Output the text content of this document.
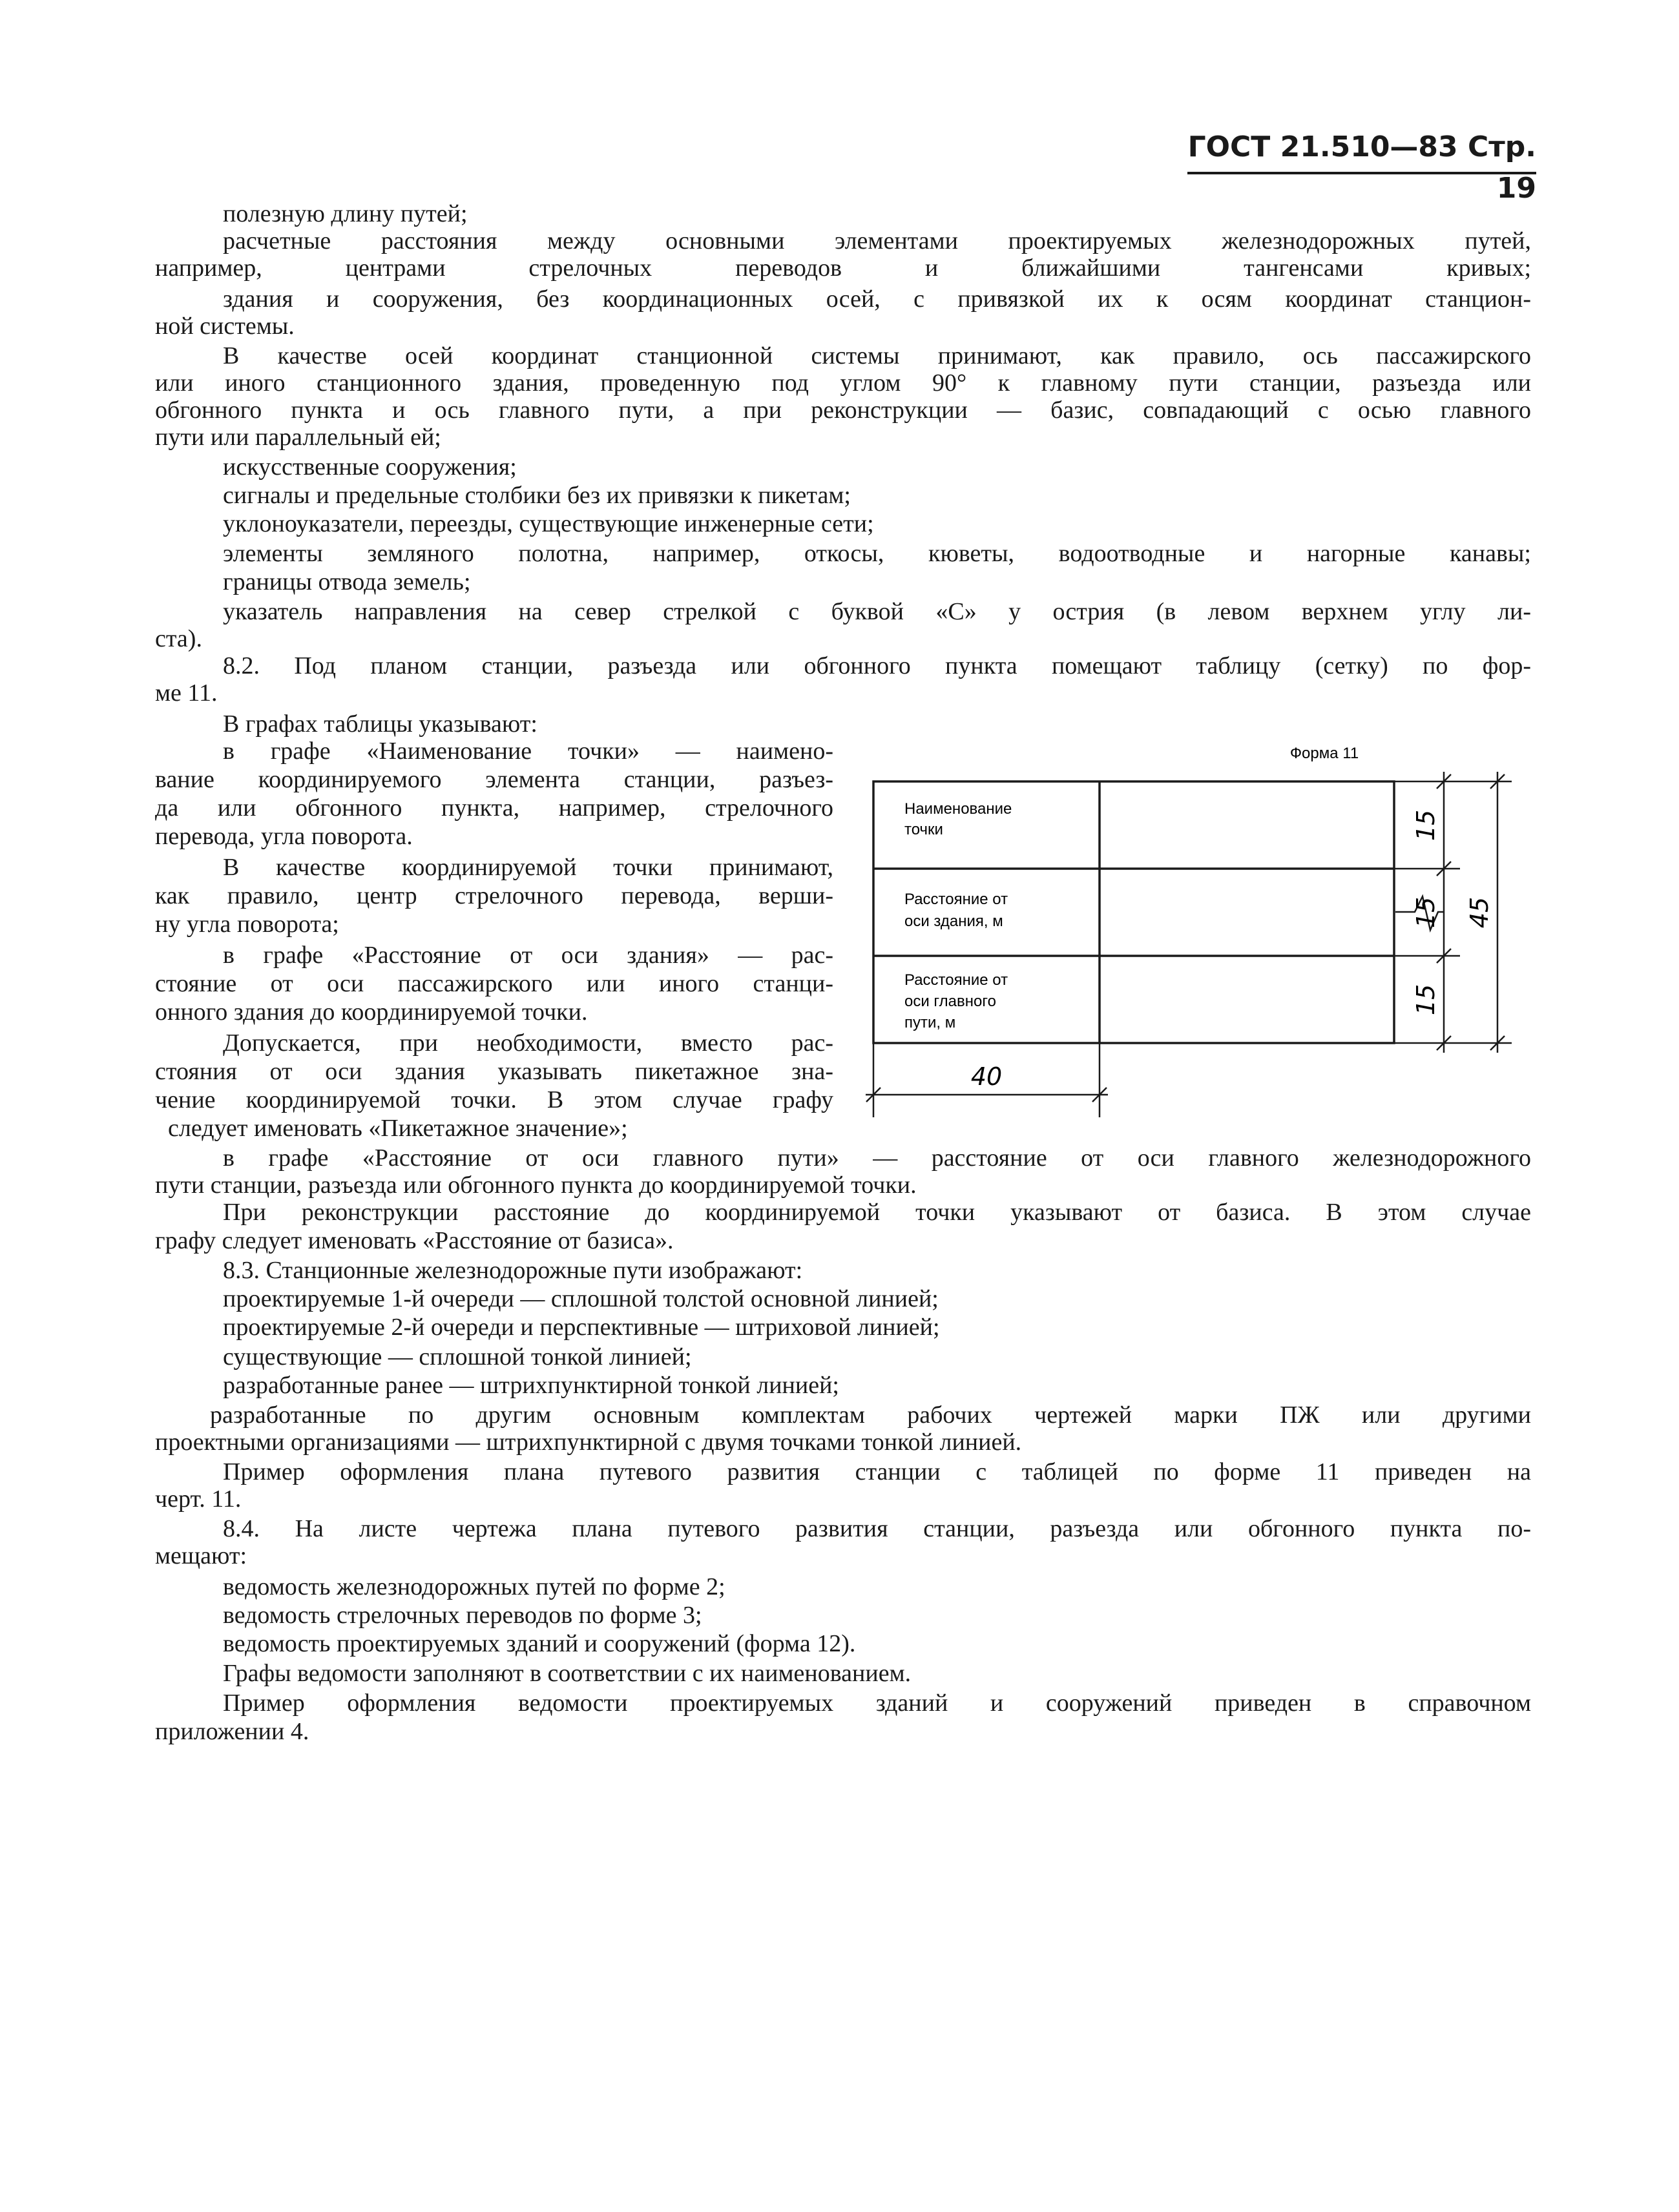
ГОСТ 21.510—83 Стр. 19
полезную длину путей;
расчетные расстояния между основными элементами проектируемых железнодорожных путей,
например, центрами стрелочных переводов и ближайшими тангенсами кривых;
здания и сооружения, без координационных осей, с привязкой их к осям координат станцион-
ной системы.
В качестве осей координат станционной системы принимают, как правило, ось пассажирского
или иного станционного здания, проведенную под углом 90° к главному пути станции, разъезда или
обгонного пункта и ось главного пути, а при реконструкции — базис, совпадающий с осью главного
пути или параллельный ей;
искусственные сооружения;
сигналы и предельные столбики без их привязки к пикетам;
уклоноуказатели, переезды, существующие инженерные сети;
элементы земляного полотна, например, откосы, кюветы, водоотводные и нагорные канавы;
границы отвода земель;
указатель направления на север стрелкой с буквой «С» у острия (в левом верхнем углу ли-
ста).
8.2. Под планом станции, разъезда или обгонного пункта помещают таблицу (сетку) по фор-
ме 11.
В графах таблицы указывают:
в графе «Наименование точки» — наимено-
вание координируемого элемента станции, разъез-
да или обгонного пункта, например, стрелочного
перевода, угла поворота.
В качестве координируемой точки принимают,
как правило, центр стрелочного перевода, верши-
ну угла поворота;
в графе «Расстояние от оси здания» — рас-
стояние от оси пассажирского или иного станци-
онного здания до координируемой точки.
Допускается, при необходимости, вместо рас-
стояния от оси здания указывать пикетажное зна-
чение координируемой точки. В этом случае графу
следует именовать «Пикетажное значение»;
в графе «Расстояние от оси главного пути» — расстояние от оси главного железнодорожного
пути станции, разъезда или обгонного пункта до координируемой точки.
При реконструкции расстояние до координируемой точки указывают от базиса. В этом случае
графу следует именовать «Расстояние от базиса».
8.3. Станционные железнодорожные пути изображают:
проектируемые 1-й очереди — сплошной толстой основной линией;
проектируемые 2-й очереди и перспективные — штриховой линией;
существующие — сплошной тонкой линией;
разработанные ранее — штрихпунктирной тонкой линией;
разработанные по другим основным комплектам рабочих чертежей марки ПЖ или другими
проектными организациями — штрихпунктирной с двумя точками тонкой линией.
Пример оформления плана путевого развития станции с таблицей по форме 11 приведен на
черт. 11.
8.4. На листе чертежа плана путевого развития станции, разъезда или обгонного пункта по-
мещают:
ведомость железнодорожных путей по форме 2;
ведомость стрелочных переводов по форме 3;
ведомость проектируемых зданий и сооружений (форма 12).
Графы ведомости заполняют в соответствии с их наименованием.
Пример оформления ведомости проектируемых зданий и сооружений приведен в справочном
приложении 4.
Форма 11
Наименование точки
Расстояние от оси здания, м
Расстояние от оси главного пути, м
15
15
15
45
40
